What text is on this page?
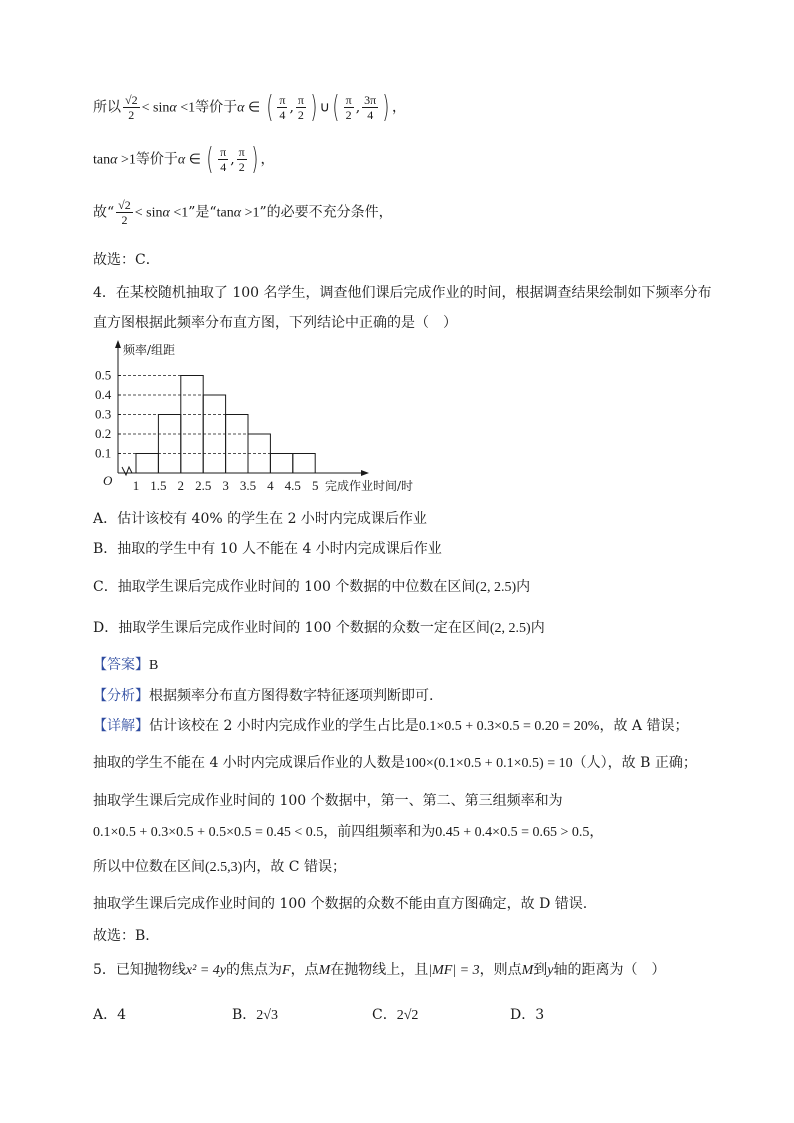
所以 $\frac{√2}{2} < \sin\alpha <1$等价于α ∈ ( $\frac{\pi}{4}$ , $\frac{\pi}{2}$ ) ∪( $\frac{\pi}{2}$ , $\frac{3\pi}{4}$ ) ，
tanα >1等价于α ∈ ( $\frac{\pi}{4}$ , $\frac{\pi}{2}$ ) ，
故“ $\frac{√2}{2} < \sin\alpha <1$”是“tanα >1”的必要不充分条件，
故选：C．
4．在某校随机抽取了 100 名学生，调查他们课后完成作业的时间，根据调查结果绘制如下频率分布
直方图根据此频率分布直方图，下列结论中正确的是（　）
0.1
0.2
0.3
0.4
0.5
1 1.5 2 2.5 3 3.5 4 4.5 5
O
频率/组距
完成作业时间/时
A．估计该校有 40% 的学生在 2 小时内完成课后作业
B．抽取的学生中有 10 人不能在 4 小时内完成课后作业
C．抽取学生课后完成作业时间的 100 个数据的中位数在区间(2, 2.5)内
D．抽取学生课后完成作业时间的 100 个数据的众数一定在区间(2, 2.5)内
【答案】B
【分析】根据频率分布直方图得数字特征逐项判断即可.
【详解】估计该校在 2 小时内完成作业的学生占比是0.1×0.5 + 0.3×0.5 = 0.20 = 20%，故 A 错误；
抽取的学生不能在 4 小时内完成课后作业的人数是100×(0.1×0.5 + 0.1×0.5) = 10（人），故 B 正确；
抽取学生课后完成作业时间的 100 个数据中，第一、第二、第三组频率和为
0.1×0.5 + 0.3×0.5 + 0.5×0.5 = 0.45 < 0.5，前四组频率和为0.45 + 0.4×0.5 = 0.65 > 0.5，
所以中位数在区间(2.5,3)内，故 C 错误；
抽取学生课后完成作业时间的 100 个数据的众数不能由直方图确定，故 D 错误.
故选：B.
5．已知抛物线x² = 4y的焦点为F，点M在抛物线上，且|MF| = 3，则点M到y轴的距离为（　）
A．4	B．2√3	C．2√2	D．3
